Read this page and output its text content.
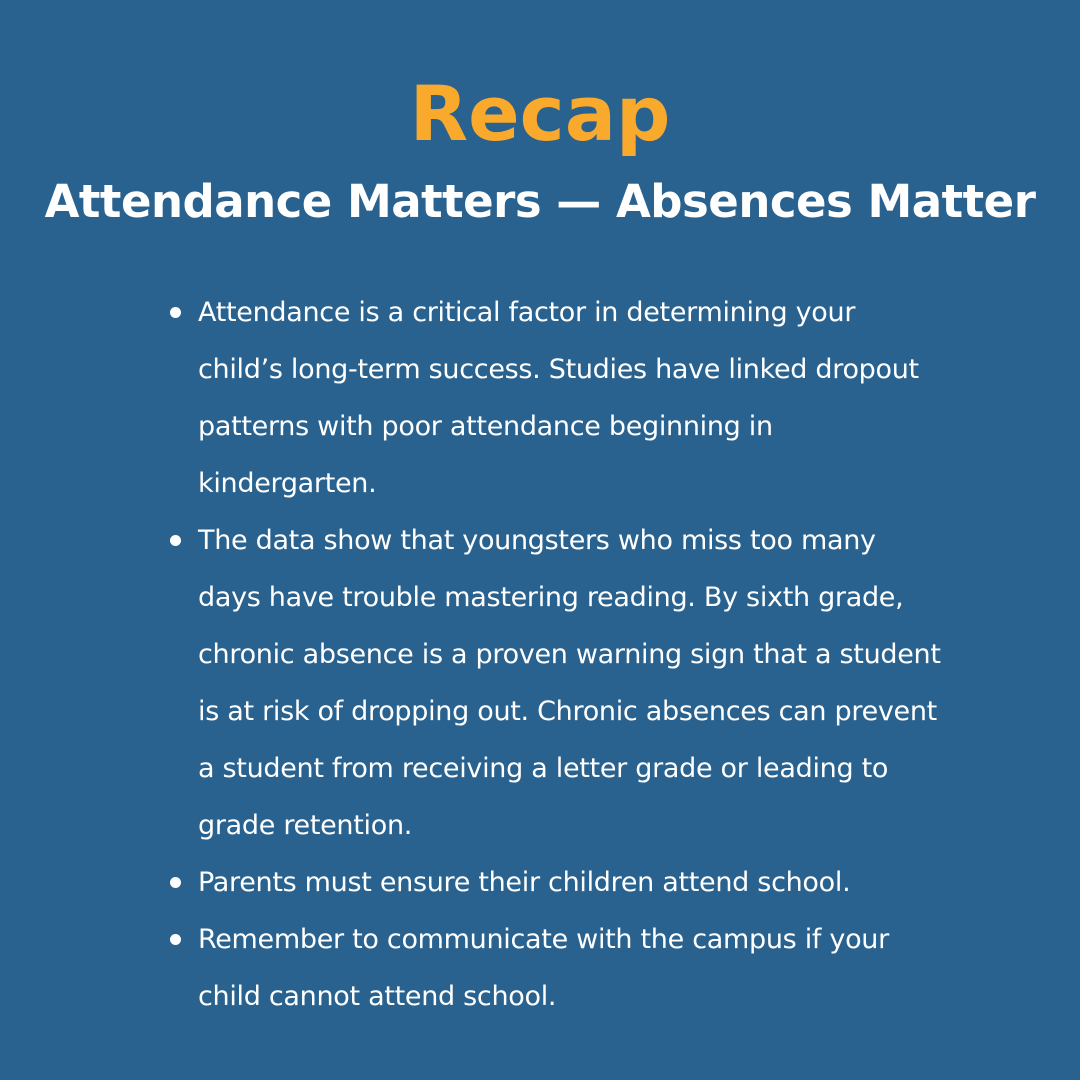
Recap
Attendance Matters — Absences Matter
Attendance is a critical factor in determining your
child’s long-term success. Studies have linked dropout
patterns with poor attendance beginning in
kindergarten.
The data show that youngsters who miss too many
days have trouble mastering reading. By sixth grade,
chronic absence is a proven warning sign that a student
is at risk of dropping out. Chronic absences can prevent
a student from receiving a letter grade or leading to
grade retention.
Parents must ensure their children attend school.
Remember to communicate with the campus if your
child cannot attend school.
